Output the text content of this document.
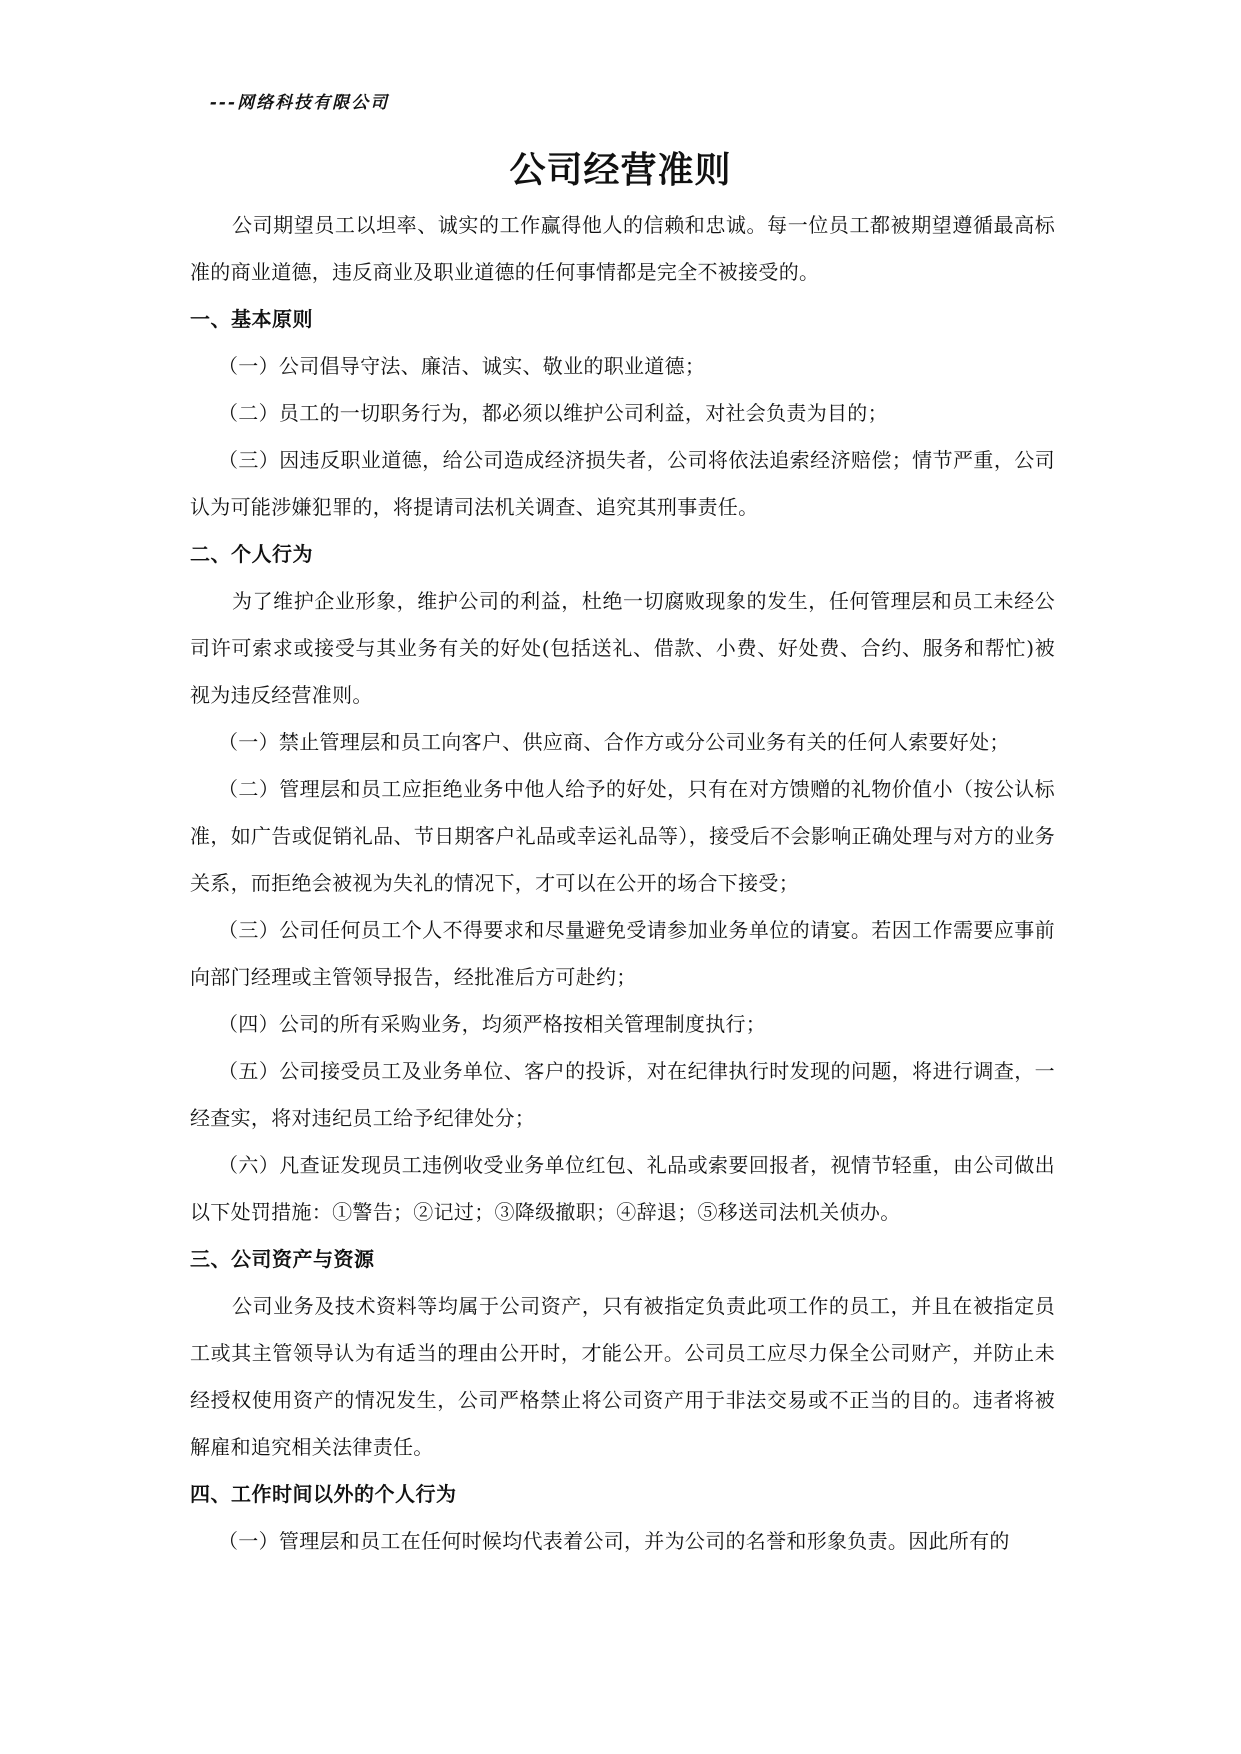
---网络科技有限公司
公司经营准则

公司期望员工以坦率、诚实的工作赢得他人的信赖和忠诚。每一位员工都被期望遵循最高标准的商业道德，违反商业及职业道德的任何事情都是完全不被接受的。

一、基本原则

（一）公司倡导守法、廉洁、诚实、敬业的职业道德；

（二）员工的一切职务行为，都必须以维护公司利益，对社会负责为目的；

（三）因违反职业道德，给公司造成经济损失者，公司将依法追索经济赔偿；情节严重，公司认为可能涉嫌犯罪的，将提请司法机关调查、追究其刑事责任。

二、个人行为

为了维护企业形象，维护公司的利益，杜绝一切腐败现象的发生，任何管理层和员工未经公司许可索求或接受与其业务有关的好处(包括送礼、借款、小费、好处费、合约、服务和帮忙)被视为违反经营准则。

（一）禁止管理层和员工向客户、供应商、合作方或分公司业务有关的任何人索要好处；

（二）管理层和员工应拒绝业务中他人给予的好处，只有在对方馈赠的礼物价值小（按公认标准，如广告或促销礼品、节日期客户礼品或幸运礼品等），接受后不会影响正确处理与对方的业务关系，而拒绝会被视为失礼的情况下，才可以在公开的场合下接受；

（三）公司任何员工个人不得要求和尽量避免受请参加业务单位的请宴。若因工作需要应事前向部门经理或主管领导报告，经批准后方可赴约；

（四）公司的所有采购业务，均须严格按相关管理制度执行；

（五）公司接受员工及业务单位、客户的投诉，对在纪律执行时发现的问题，将进行调查，一经查实，将对违纪员工给予纪律处分；

（六）凡查证发现员工违例收受业务单位红包、礼品或索要回报者，视情节轻重，由公司做出以下处罚措施：①警告；②记过；③降级撤职；④辞退；⑤移送司法机关侦办。

三、公司资产与资源

公司业务及技术资料等均属于公司资产，只有被指定负责此项工作的员工，并且在被指定员工或其主管领导认为有适当的理由公开时，才能公开。公司员工应尽力保全公司财产，并防止未经授权使用资产的情况发生，公司严格禁止将公司资产用于非法交易或不正当的目的。违者将被解雇和追究相关法律责任。

四、工作时间以外的个人行为

（一）管理层和员工在任何时候均代表着公司，并为公司的名誉和形象负责。因此所有的
